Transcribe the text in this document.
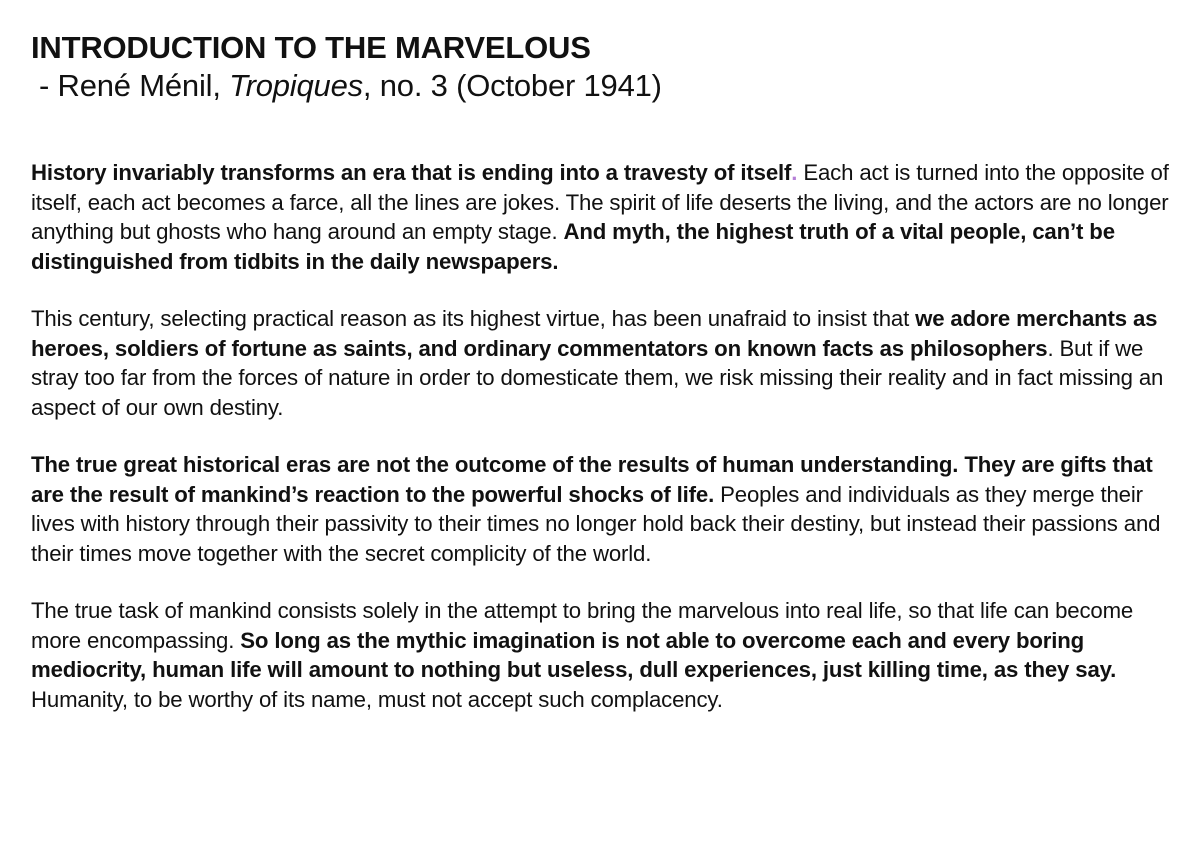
INTRODUCTION TO THE MARVELOUS
- René Ménil, Tropiques, no. 3 (October 1941)

History invariably transforms an era that is ending into a travesty of itself. Each act is turned into the opposite of itself, each act becomes a farce, all the lines are jokes. The spirit of life deserts the living, and the actors are no longer anything but ghosts who hang around an empty stage. And myth, the highest truth of a vital people, can’t be distinguished from tidbits in the daily newspapers.

This century, selecting practical reason as its highest virtue, has been unafraid to insist that we adore merchants as heroes, soldiers of fortune as saints, and ordinary commentators on known facts as philosophers. But if we stray too far from the forces of nature in order to domesticate them, we risk missing their reality and in fact missing an aspect of our own destiny.

The true great historical eras are not the outcome of the results of human understanding. They are gifts that are the result of mankind’s reaction to the powerful shocks of life. Peoples and individuals as they merge their lives with history through their passivity to their times no longer hold back their destiny, but instead their passions and their times move together with the secret complicity of the world.

The true task of mankind consists solely in the attempt to bring the marvelous into real life, so that life can become more encompassing. So long as the mythic imagination is not able to overcome each and every boring mediocrity, human life will amount to nothing but useless, dull experiences, just killing time, as they say. Humanity, to be worthy of its name, must not accept such complacency.
